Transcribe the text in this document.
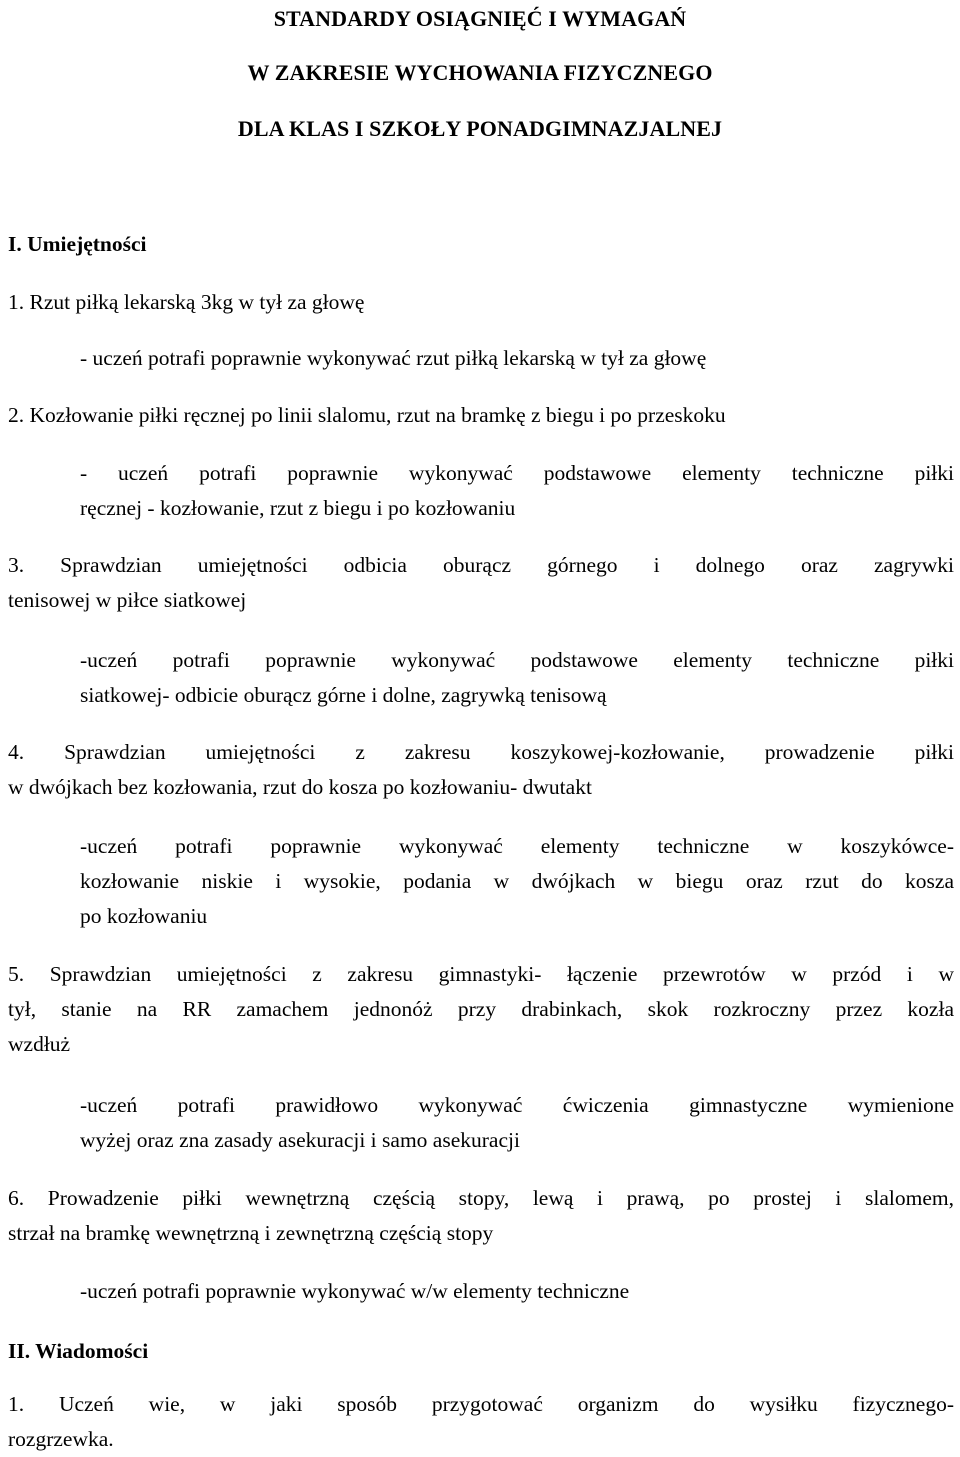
STANDARDY OSIĄGNIĘĆ I WYMAGAŃ
W ZAKRESIE WYCHOWANIA FIZYCZNEGO
DLA KLAS I SZKOŁY PONADGIMNAZJALNEJ
I. Umiejętności
1. Rzut piłką lekarską 3kg w tył za głowę
- uczeń potrafi poprawnie wykonywać rzut piłką lekarską w tył za głowę
2. Kozłowanie piłki ręcznej po linii slalomu, rzut na bramkę z biegu i po przeskoku
- uczeń potrafi poprawnie wykonywać podstawowe elementy techniczne piłki
ręcznej - kozłowanie, rzut z biegu i po kozłowaniu
3. Sprawdzian umiejętności odbicia oburącz górnego i dolnego oraz zagrywki
tenisowej w piłce siatkowej
-uczeń potrafi poprawnie wykonywać podstawowe elementy techniczne piłki
siatkowej- odbicie oburącz górne i dolne, zagrywką tenisową
4. Sprawdzian umiejętności z zakresu koszykowej-kozłowanie, prowadzenie piłki
w dwójkach bez kozłowania, rzut do kosza po kozłowaniu- dwutakt
-uczeń potrafi poprawnie wykonywać elementy techniczne w koszykówce-
kozłowanie niskie i wysokie, podania w dwójkach w biegu oraz rzut do kosza
po kozłowaniu
5. Sprawdzian umiejętności z zakresu gimnastyki- łączenie przewrotów w przód i w
tył, stanie na RR zamachem jednonóż przy drabinkach, skok rozkroczny przez kozła
wzdłuż
-uczeń potrafi prawidłowo wykonywać ćwiczenia gimnastyczne wymienione
wyżej oraz zna zasady asekuracji i samo asekuracji
6. Prowadzenie piłki wewnętrzną częścią stopy, lewą i prawą, po prostej i slalomem,
strzał na bramkę wewnętrzną i zewnętrzną częścią stopy
-uczeń potrafi poprawnie wykonywać w/w elementy techniczne
II. Wiadomości
1. Uczeń wie, w jaki sposób przygotować organizm do wysiłku fizycznego-
rozgrzewka.
